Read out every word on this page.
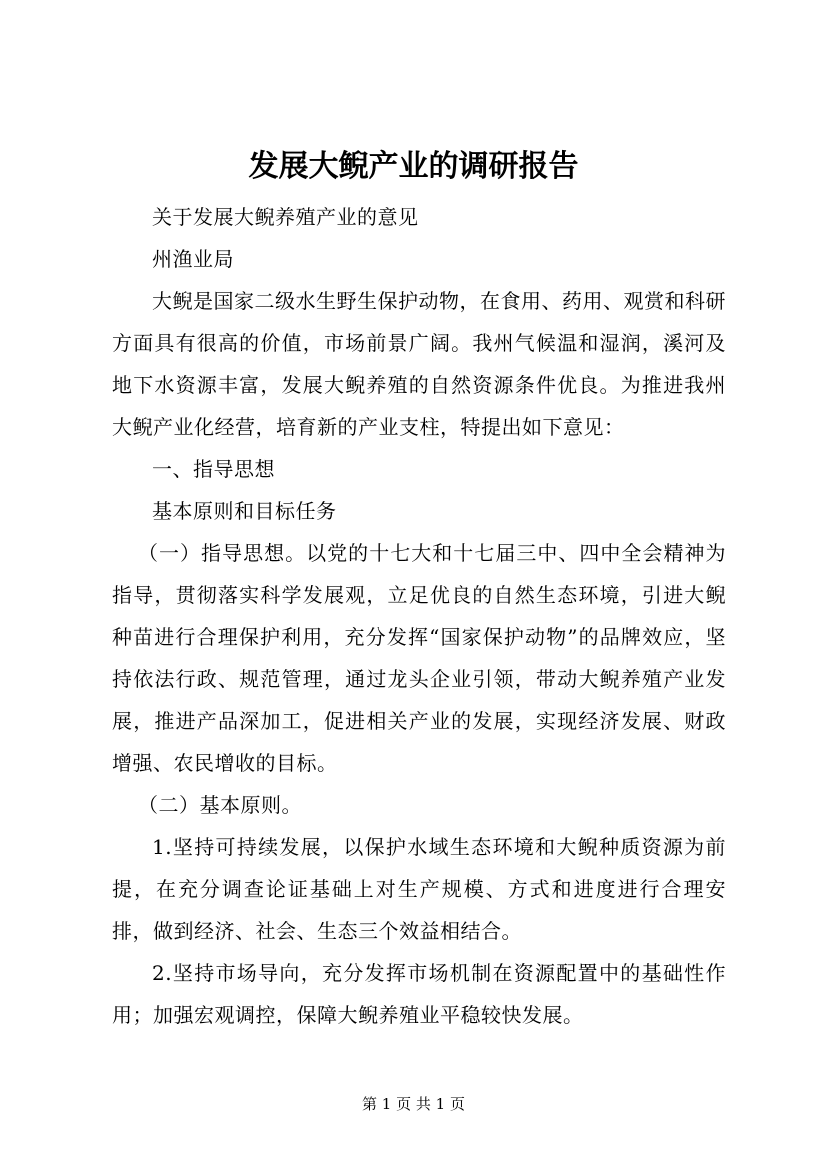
发展大鲵产业的调研报告

关于发展大鲵养殖产业的意见

州渔业局

大鲵是国家二级水生野生保护动物，在食用、药用、观赏和科研方面具有很高的价值，市场前景广阔。我州气候温和湿润，溪河及地下水资源丰富，发展大鲵养殖的自然资源条件优良。为推进我州大鲵产业化经营，培育新的产业支柱，特提出如下意见：

一、指导思想

基本原则和目标任务

（一）指导思想。以党的十七大和十七届三中、四中全会精神为指导，贯彻落实科学发展观，立足优良的自然生态环境，引进大鲵种苗进行合理保护利用，充分发挥“国家保护动物”的品牌效应，坚持依法行政、规范管理，通过龙头企业引领，带动大鲵养殖产业发展，推进产品深加工，促进相关产业的发展，实现经济发展、财政增强、农民增收的目标。

（二）基本原则。

1.坚持可持续发展，以保护水域生态环境和大鲵种质资源为前提，在充分调查论证基础上对生产规模、方式和进度进行合理安排，做到经济、社会、生态三个效益相结合。

2.坚持市场导向，充分发挥市场机制在资源配置中的基础性作用；加强宏观调控，保障大鲵养殖业平稳较快发展。

第 1 页 共 1 页
